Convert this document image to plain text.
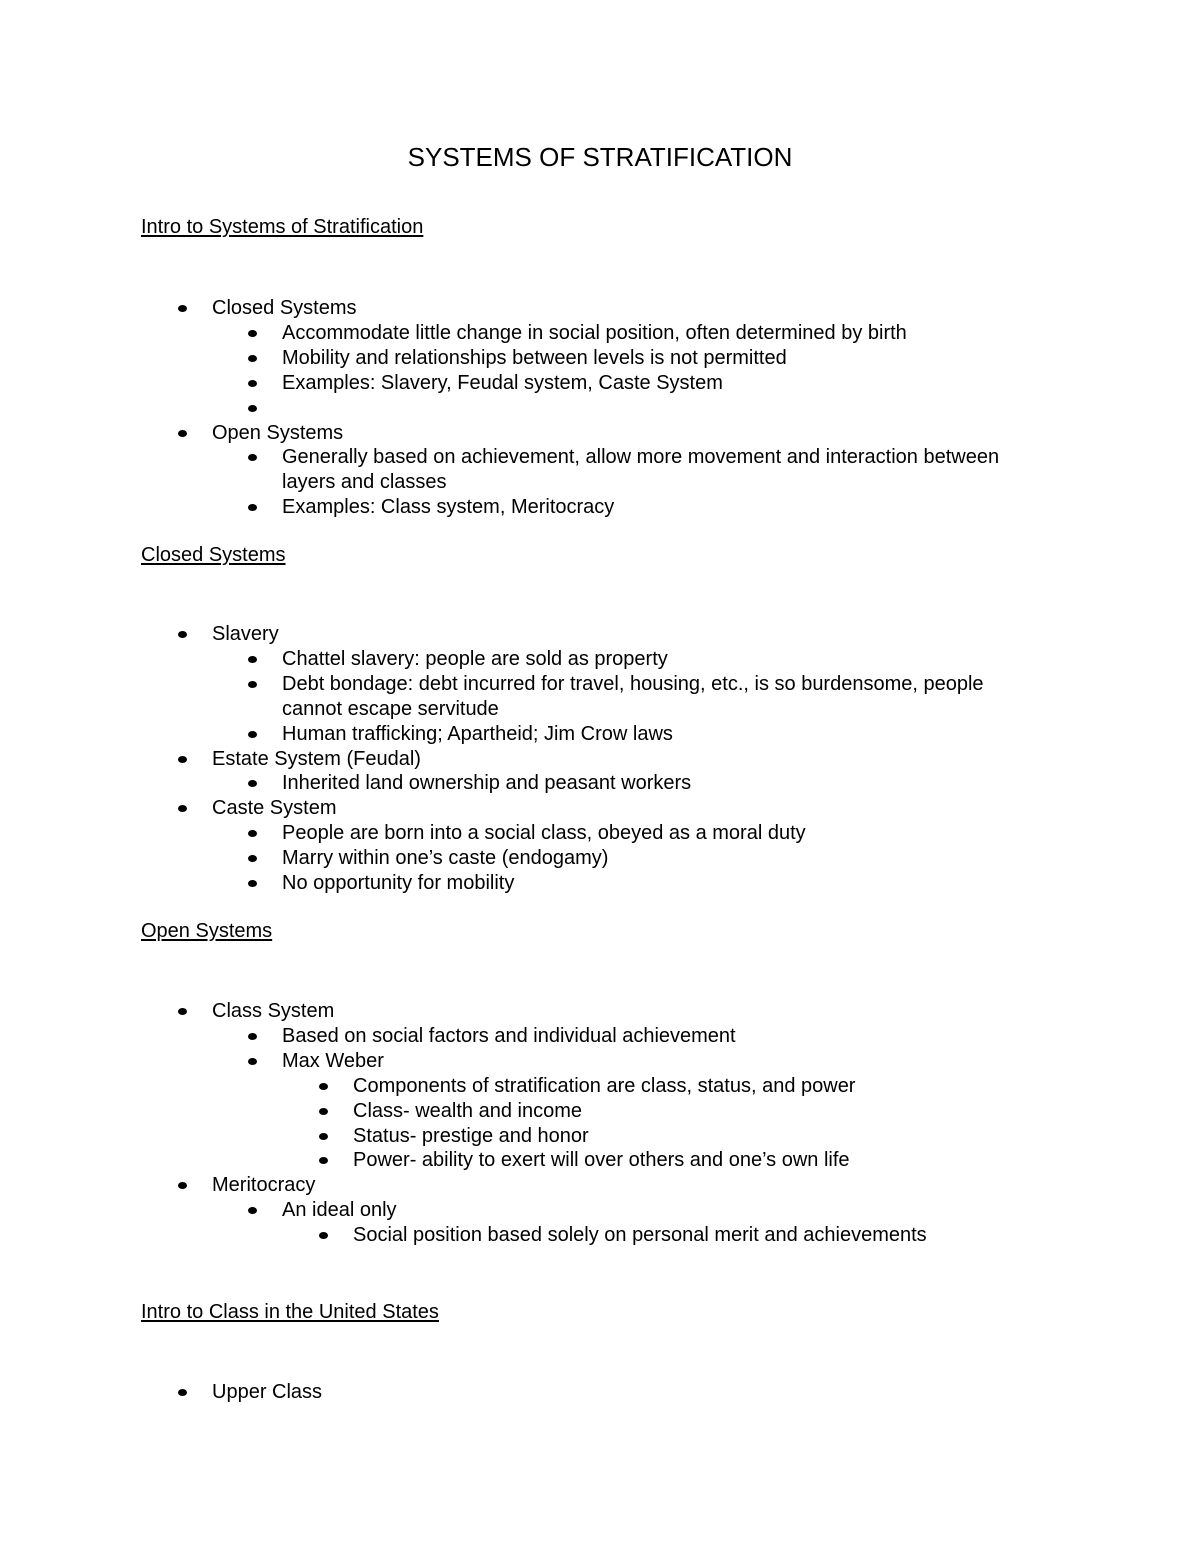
SYSTEMS OF STRATIFICATION
Intro to Systems of Stratification
Closed Systems
Accommodate little change in social position, often determined by birth
Mobility and relationships between levels is not permitted
Examples: Slavery, Feudal system, Caste System
Open Systems
Generally based on achievement, allow more movement and interaction between
layers and classes
Examples: Class system, Meritocracy
Closed Systems
Slavery
Chattel slavery: people are sold as property
Debt bondage: debt incurred for travel, housing, etc., is so burdensome, people
cannot escape servitude
Human trafficking; Apartheid; Jim Crow laws
Estate System (Feudal)
Inherited land ownership and peasant workers
Caste System
People are born into a social class, obeyed as a moral duty
Marry within one’s caste (endogamy)
No opportunity for mobility
Open Systems
Class System
Based on social factors and individual achievement
Max Weber
Components of stratification are class, status, and power
Class- wealth and income
Status- prestige and honor
Power- ability to exert will over others and one’s own life
Meritocracy
An ideal only
Social position based solely on personal merit and achievements
Intro to Class in the United States
Upper Class
